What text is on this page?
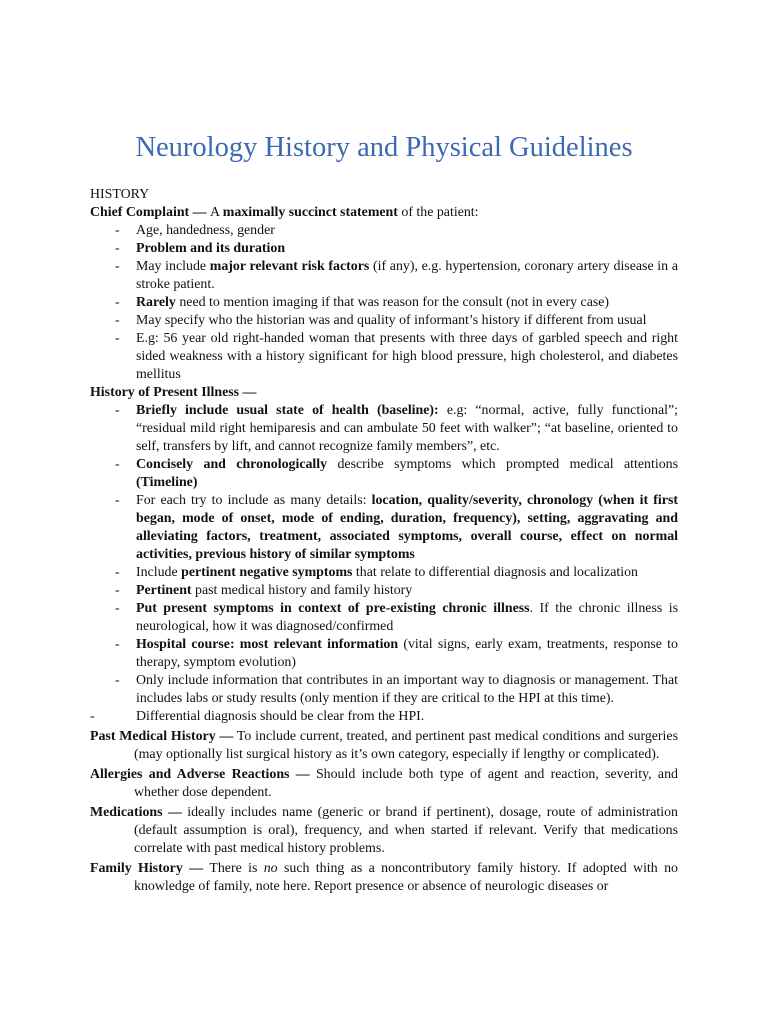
Neurology History and Physical Guidelines

HISTORY

Chief Complaint — A maximally succinct statement of the patient:

- Age, handedness, gender
- Problem and its duration
- May include major relevant risk factors (if any), e.g. hypertension, coronary artery disease in a stroke patient.
- Rarely need to mention imaging if that was reason for the consult (not in every case)
- May specify who the historian was and quality of informant’s history if different from usual
- E.g: 56 year old right-handed woman that presents with three days of garbled speech and right sided weakness with a history significant for high blood pressure, high cholesterol, and diabetes mellitus

History of Present Illness —

- Briefly include usual state of health (baseline): e.g: “normal, active, fully functional”; “residual mild right hemiparesis and can ambulate 50 feet with walker”; “at baseline, oriented to self, transfers by lift, and cannot recognize family members”, etc.
- Concisely and chronologically describe symptoms which prompted medical attentions (Timeline)
- For each try to include as many details: location, quality/severity, chronology (when it first began, mode of onset, mode of ending, duration, frequency), setting, aggravating and alleviating factors, treatment, associated symptoms, overall course, effect on normal activities, previous history of similar symptoms
- Include pertinent negative symptoms that relate to differential diagnosis and localization
- Pertinent past medical history and family history
- Put present symptoms in context of pre-existing chronic illness. If the chronic illness is neurological, how it was diagnosed/confirmed
- Hospital course: most relevant information (vital signs, early exam, treatments, response to therapy, symptom evolution)
- Only include information that contributes in an important way to diagnosis or management. That includes labs or study results (only mention if they are critical to the HPI at this time).
-	Differential diagnosis should be clear from the HPI.

Past Medical History — To include current, treated, and pertinent past medical conditions and surgeries (may optionally list surgical history as it’s own category, especially if lengthy or complicated).

Allergies and Adverse Reactions — Should include both type of agent and reaction, severity, and whether dose dependent.

Medications — ideally includes name (generic or brand if pertinent), dosage, route of administration (default assumption is oral), frequency, and when started if relevant. Verify that medications correlate with past medical history problems.

Family History — There is no such thing as a noncontributory family history. If adopted with no knowledge of family, note here. Report presence or absence of neurologic diseases or
